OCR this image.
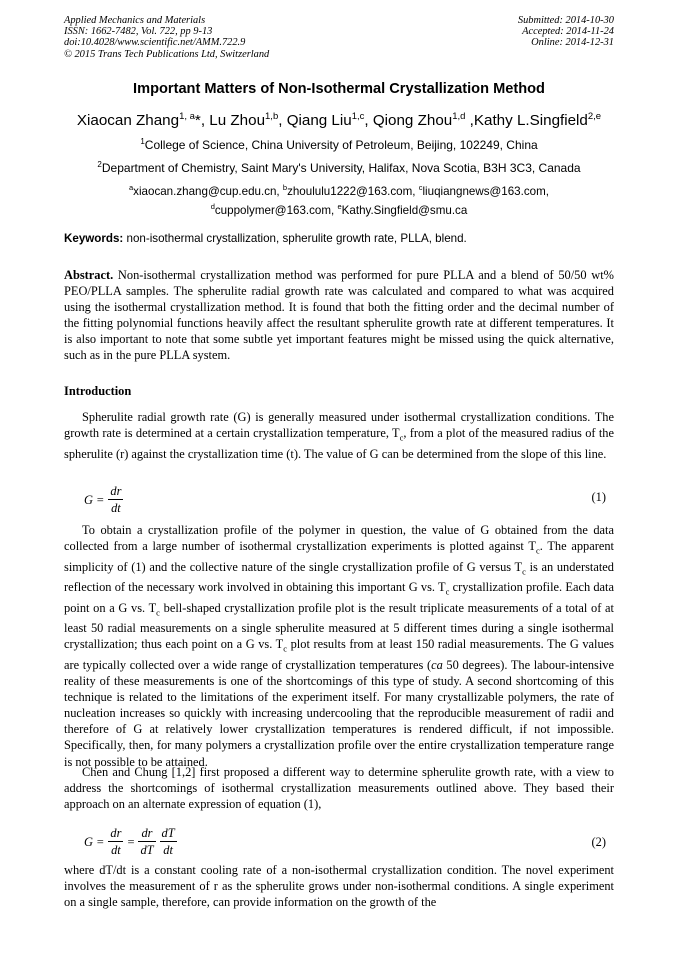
Applied Mechanics and Materials
ISSN: 1662-7482, Vol. 722, pp 9-13
doi:10.4028/www.scientific.net/AMM.722.9
© 2015 Trans Tech Publications Ltd, Switzerland
Submitted: 2014-10-30
Accepted: 2014-11-24
Online: 2014-12-31
Important Matters of Non-Isothermal Crystallization Method
Xiaocan Zhang$^{1, a}$*, Lu Zhou$^{1,b}$, Qiang Liu$^{1,c}$, Qiong Zhou$^{1,d}$ ,Kathy L.Singfield$^{2,e}$
$^1$College of Science, China University of Petroleum, Beijing, 102249, China
$^2$Department of Chemistry, Saint Mary's University, Halifax, Nova Scotia, B3H 3C3, Canada
$^a$xiaocan.zhang@cup.edu.cn, $^b$zhoululu1222@163.com, $^c$liuqiangnews@163.com,
$^d$cuppolymer@163.com, $^e$Kathy.Singfield@smu.ca
Keywords: non-isothermal crystallization, spherulite growth rate, PLLA, blend.
Abstract. Non-isothermal crystallization method was performed for pure PLLA and a blend of 50/50 wt% PEO/PLLA samples. The spherulite radial growth rate was calculated and compared to what was acquired using the isothermal crystallization method. It is found that both the fitting order and the decimal number of the fitting polynomial functions heavily affect the resultant spherulite growth rate at different temperatures. It is also important to note that some subtle yet important features might be missed using the quick alternative, such as in the pure PLLA system.
Introduction
Spherulite radial growth rate (G) is generally measured under isothermal crystallization conditions. The growth rate is determined at a certain crystallization temperature, $T_c$, from a plot of the measured radius of the spherulite (r) against the crystallization time (t). The value of G can be determined from the slope of this line.
$G = \frac{dr}{dt}$	(1)
To obtain a crystallization profile of the polymer in question, the value of G obtained from the data collected from a large number of isothermal crystallization experiments is plotted against $T_c$. The apparent simplicity of (1) and the collective nature of the single crystallization profile of G versus $T_c$ is an understated reflection of the necessary work involved in obtaining this important G vs. $T_c$ crystallization profile. Each data point on a G vs. $T_c$ bell-shaped crystallization profile plot is the result triplicate measurements of a total of at least 50 radial measurements on a single spherulite measured at 5 different times during a single isothermal crystallization; thus each point on a G vs. $T_c$ plot results from at least 150 radial measurements. The G values are typically collected over a wide range of crystallization temperatures (ca 50 degrees). The labour-intensive reality of these measurements is one of the shortcomings of this type of study. A second shortcoming of this technique is related to the limitations of the experiment itself. For many crystallizable polymers, the rate of nucleation increases so quickly with increasing undercooling that the reproducible measurement of radii and therefore of G at relatively lower crystallization temperatures is rendered difficult, if not impossible. Specifically, then, for many polymers a crystallization profile over the entire crystallization temperature range is not possible to be attained.
Chen and Chung [1,2] first proposed a different way to determine spherulite growth rate, with a view to address the shortcomings of isothermal crystallization measurements outlined above. They based their approach on an alternate expression of equation (1),
$G = \frac{dr}{dt} = \frac{dr}{dT} \frac{dT}{dt}$	(2)
where dT/dt is a constant cooling rate of a non-isothermal crystallization condition. The novel experiment involves the measurement of r as the spherulite grows under non-isothermal conditions. A single experiment on a single sample, therefore, can provide information on the growth of the
